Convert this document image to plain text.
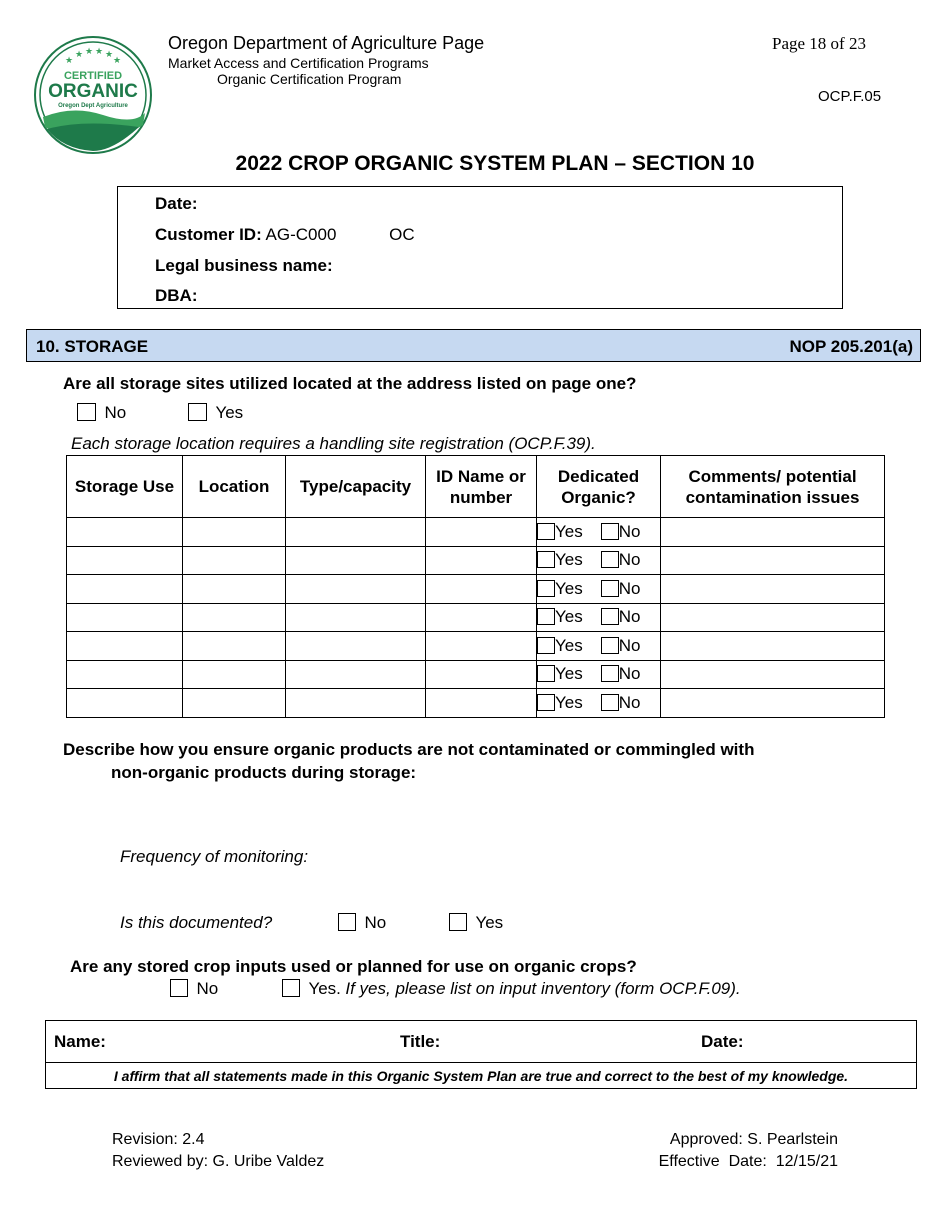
★ ★ ★ ★
★	★
CERTIFIED
ORGANIC
Oregon Dept Agriculture
Oregon Department of Agriculture Page
Market Access and Certification Programs
Organic Certification Program
Page 18 of 23
OCP.F.05
2022 CROP ORGANIC SYSTEM PLAN – SECTION 10
Date:
Customer ID: AG-C000	OC
Legal business name:
DBA:
10. STORAGE	NOP 205.201(a)
Are all storage sites utilized located at the address listed on page one?
No	Yes
Each storage location requires a handling site registration (OCP.F.39).
Storage Use	Location	Type/capacity	ID Name or number	Dedicated Organic?	Comments/ potential contamination issues
				Yes No	
				Yes No	
				Yes No	
				Yes No	
				Yes No	
				Yes No	
				Yes No	
Describe how you ensure organic products are not contaminated or commingled with
non-organic products during storage:
Frequency of monitoring:
Is this documented?	No	Yes
Are any stored crop inputs used or planned for use on organic crops?
No	Yes. If yes, please list on input inventory (form OCP.F.09).
Name:	Title:	Date:
I affirm that all statements made in this Organic System Plan are true and correct to the best of my knowledge.
Revision: 2.4
Reviewed by: G. Uribe Valdez
Approved: S. Pearlstein
Effective  Date:  12/15/21
